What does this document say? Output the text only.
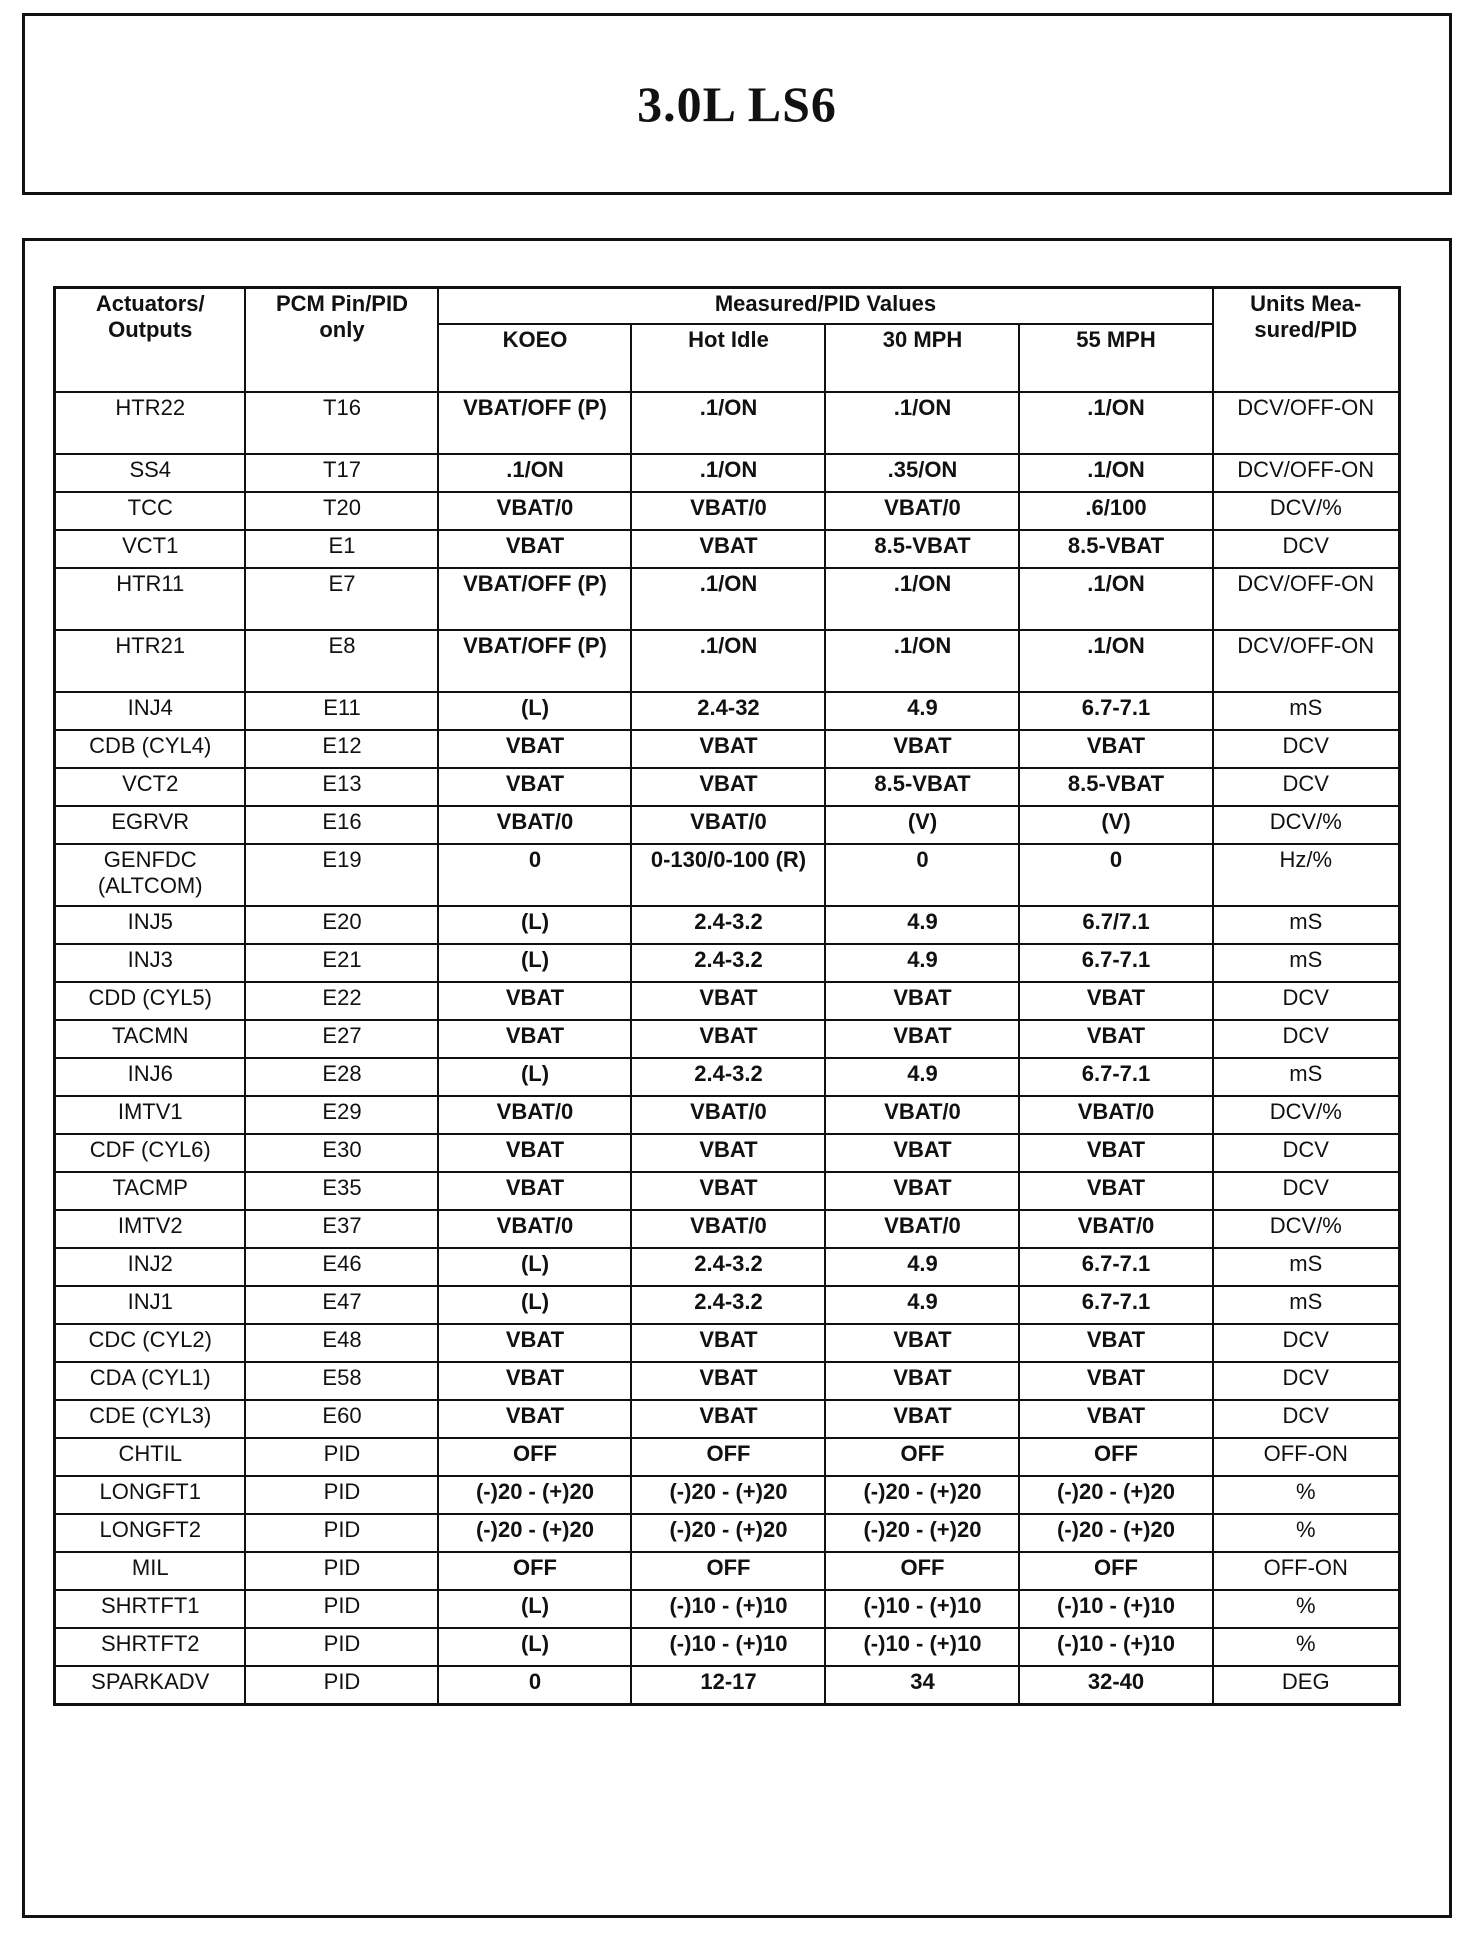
3.0L LS6
Actuators/ Outputs	PCM Pin/PID only	Measured/PID Values				Units Mea-sured/PID
		KOEO	Hot Idle	30 MPH	55 MPH	
HTR22	T16	VBAT/OFF (P)	.1/ON	.1/ON	.1/ON	DCV/OFF-ON
SS4	T17	.1/ON	.1/ON	.35/ON	.1/ON	DCV/OFF-ON
TCC	T20	VBAT/0	VBAT/0	VBAT/0	.6/100	DCV/%
VCT1	E1	VBAT	VBAT	8.5-VBAT	8.5-VBAT	DCV
HTR11	E7	VBAT/OFF (P)	.1/ON	.1/ON	.1/ON	DCV/OFF-ON
HTR21	E8	VBAT/OFF (P)	.1/ON	.1/ON	.1/ON	DCV/OFF-ON
INJ4	E11	(L)	2.4-32	4.9	6.7-7.1	mS
CDB (CYL4)	E12	VBAT	VBAT	VBAT	VBAT	DCV
VCT2	E13	VBAT	VBAT	8.5-VBAT	8.5-VBAT	DCV
EGRVR	E16	VBAT/0	VBAT/0	(V)	(V)	DCV/%
GENFDC (ALTCOM)	E19	0	0-130/0-100 (R)	0	0	Hz/%
INJ5	E20	(L)	2.4-3.2	4.9	6.7/7.1	mS
INJ3	E21	(L)	2.4-3.2	4.9	6.7-7.1	mS
CDD (CYL5)	E22	VBAT	VBAT	VBAT	VBAT	DCV
TACMN	E27	VBAT	VBAT	VBAT	VBAT	DCV
INJ6	E28	(L)	2.4-3.2	4.9	6.7-7.1	mS
IMTV1	E29	VBAT/0	VBAT/0	VBAT/0	VBAT/0	DCV/%
CDF (CYL6)	E30	VBAT	VBAT	VBAT	VBAT	DCV
TACMP	E35	VBAT	VBAT	VBAT	VBAT	DCV
IMTV2	E37	VBAT/0	VBAT/0	VBAT/0	VBAT/0	DCV/%
INJ2	E46	(L)	2.4-3.2	4.9	6.7-7.1	mS
INJ1	E47	(L)	2.4-3.2	4.9	6.7-7.1	mS
CDC (CYL2)	E48	VBAT	VBAT	VBAT	VBAT	DCV
CDA (CYL1)	E58	VBAT	VBAT	VBAT	VBAT	DCV
CDE (CYL3)	E60	VBAT	VBAT	VBAT	VBAT	DCV
CHTIL	PID	OFF	OFF	OFF	OFF	OFF-ON
LONGFT1	PID	(-)20 - (+)20	(-)20 - (+)20	(-)20 - (+)20	(-)20 - (+)20	%
LONGFT2	PID	(-)20 - (+)20	(-)20 - (+)20	(-)20 - (+)20	(-)20 - (+)20	%
MIL	PID	OFF	OFF	OFF	OFF	OFF-ON
SHRTFT1	PID	(L)	(-)10 - (+)10	(-)10 - (+)10	(-)10 - (+)10	%
SHRTFT2	PID	(L)	(-)10 - (+)10	(-)10 - (+)10	(-)10 - (+)10	%
SPARKADV	PID	0	12-17	34	32-40	DEG
